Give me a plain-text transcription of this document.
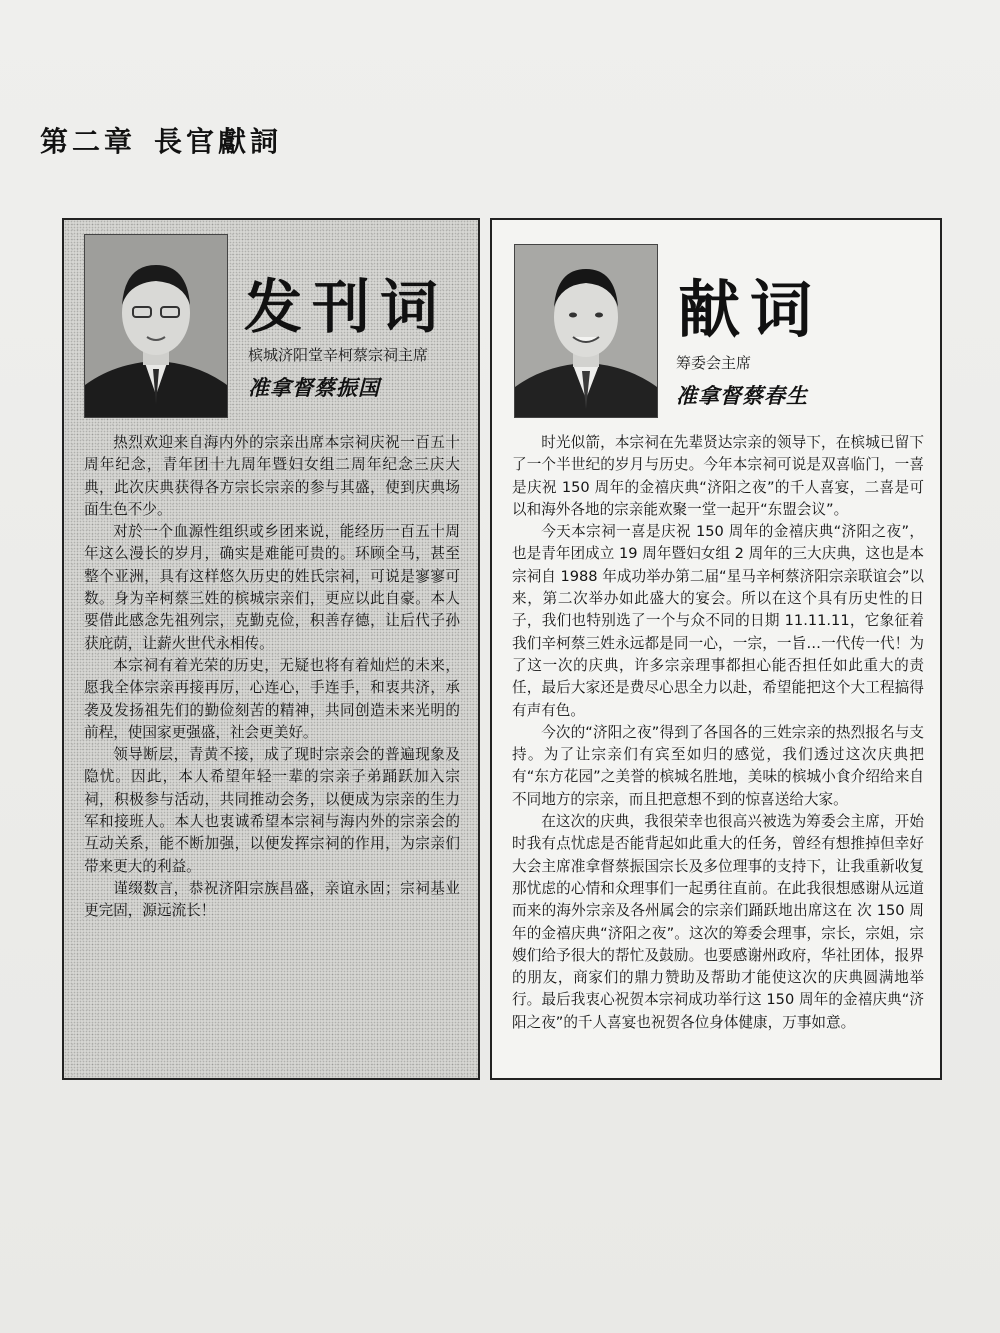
第二章 長官獻詞
发刊词
槟城济阳堂辛柯蔡宗祠主席
准拿督蔡振国

热烈欢迎来自海内外的宗亲出席本宗祠庆祝一百五十周年纪念，青年团十九周年暨妇女组二周年纪念三庆大典，此次庆典获得各方宗长宗亲的参与其盛，使到庆典场面生色不少。

对於一个血源性组织或乡团来说，能经历一百五十周年这么漫长的岁月，确实是难能可贵的。环顾全马，甚至整个亚洲，具有这样悠久历史的姓氏宗祠，可说是寥寥可数。身为辛柯蔡三姓的槟城宗亲们，更应以此自豪。本人要借此感念先祖列宗，克勤克俭，积善存德，让后代子孙获庇荫，让薪火世代永相传。

本宗祠有着光荣的历史，无疑也将有着灿烂的未来，愿我全体宗亲再接再厉，心连心，手连手，和衷共济，承袭及发扬祖先们的勤俭刻苦的精神，共同创造未来光明的前程，使国家更强盛，社会更美好。

领导断层，青黄不接，成了现时宗亲会的普遍现象及隐忧。因此，本人希望年轻一辈的宗亲子弟踊跃加入宗祠，积极参与活动，共同推动会务，以便成为宗亲的生力军和接班人。本人也衷诚希望本宗祠与海内外的宗亲会的互动关系，能不断加强，以便发挥宗祠的作用，为宗亲们带来更大的利益。

谨缀数言，恭祝济阳宗族昌盛，亲谊永固；宗祠基业更完固，源远流长！

献词
筹委会主席
准拿督蔡春生

时光似箭，本宗祠在先辈贤达宗亲的领导下，在槟城已留下了一个半世纪的岁月与历史。今年本宗祠可说是双喜临门，一喜是庆祝 150 周年的金禧庆典“济阳之夜”的千人喜宴，二喜是可以和海外各地的宗亲能欢聚一堂一起开“东盟会议”。

今天本宗祠一喜是庆祝 150 周年的金禧庆典“济阳之夜”，也是青年团成立 19 周年暨妇女组 2 周年的三大庆典，这也是本宗祠自 1988 年成功举办第二届“星马辛柯蔡济阳宗亲联谊会”以来，第二次举办如此盛大的宴会。所以在这个具有历史性的日子，我们也特别选了一个与众不同的日期 11.11.11，它象征着我们辛柯蔡三姓永远都是同一心，一宗，一旨…一代传一代！为了这一次的庆典，许多宗亲理事都担心能否担任如此重大的责任，最后大家还是费尽心思全力以赴，希望能把这个大工程搞得有声有色。

今次的“济阳之夜”得到了各国各的三姓宗亲的热烈报名与支持。为了让宗亲们有宾至如归的感觉，我们透过这次庆典把有“东方花园”之美誉的槟城名胜地，美味的槟城小食介绍给来自不同地方的宗亲，而且把意想不到的惊喜送给大家。

在这次的庆典，我很荣幸也很高兴被选为筹委会主席，开始时我有点忧虑是否能背起如此重大的任务，曾经有想推掉但幸好大会主席准拿督蔡振国宗长及多位理事的支持下，让我重新收复那忧虑的心情和众理事们一起勇往直前。在此我很想感谢从远道而来的海外宗亲及各州属会的宗亲们踊跃地出席这在 次 150 周年的金禧庆典“济阳之夜”。这次的筹委会理事，宗长，宗姐，宗嫂们给予很大的帮忙及鼓励。也要感谢州政府，华社团体，报界的朋友，商家们的鼎力赞助及帮助才能使这次的庆典圆满地举行。最后我衷心祝贺本宗祠成功举行这 150 周年的金禧庆典“济阳之夜”的千人喜宴也祝贺各位身体健康，万事如意。
